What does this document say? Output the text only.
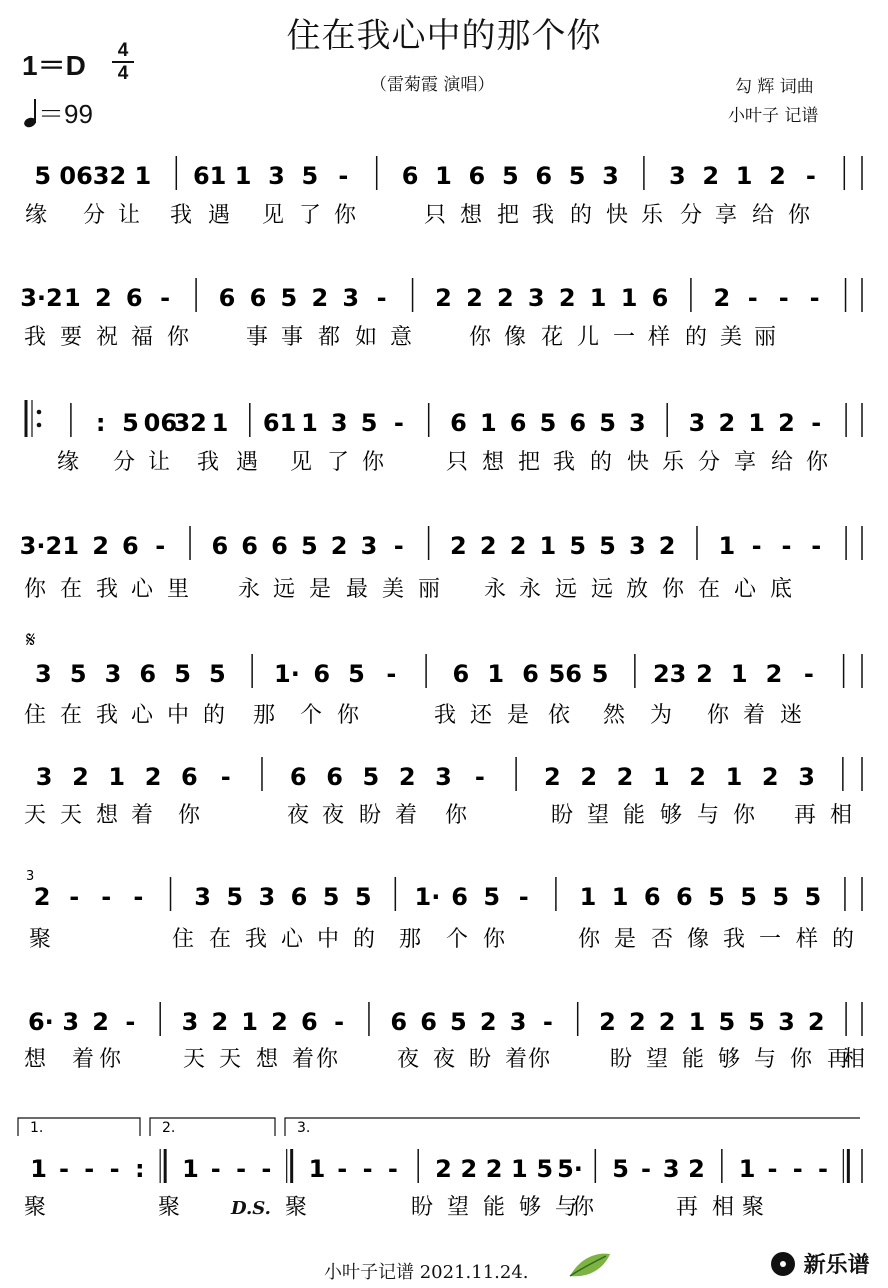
住在我心中的那个你
$1=D \frac{4}{4}$
＝99
（雷菊霞 演唱）	勾 辉 词曲
小叶子 记谱
5 06 32 1 61 1 3 5 - 6 1 6 5 6 5 3 3 2 1 2 -
缘 分 让 我 遇 见 了 你	只 想 把 我 的 快 乐 分 享 给 你
3·2 1 2 6 - 6 6 5 2 3 - 2 2 2 3 2 1 1 6 2 - - -
我 要 祝 福 你	事 事 都 如 意	你 像 花 儿 一 样 的 美 丽
: 5 06
32 1 61 1 3 5 - 6 1 6 5 6 5 3 3 2 1 2 -
缘 分 让 我 遇 见 了 你	只 想 把 我 的 快 乐 分 享 给 你
3·2 1 2 6 - 6 6 6 5 2 3 - 2 2 2 1 5 5 3 2 1 - - -
你 在 我 心 里 永 远 是 最 美 丽 永 永 远 远 放 你 在 心 底
3 5 3 6 5 5 1· 6 5 - 6 1 6 56 5 23 2 1 2 -
住 在 我 心 中 的 那 个 你	我 还 是 依 然 为 你 着 迷
3 2 1 2 6 - 6 6 5 2 3 - 2 2 2 1 2 1 2 3
天 天 想 着 你	夜 夜 盼 着 你	盼 望 能 够 与 你 再 相
2 - - - 3 5 3 6 5 5 1· 6 5 - 1 1 6 6 5 5 5 5
聚	住 在 我 心 中 的 那 个 你	你 是 否 像 我 一 样 的
6· 3 2 - 3 2 1 2 6 - 6 6 5 2 3 - 2 2 2 1 5 5 3 2
想 着 你	天 天 想 着 你	夜 夜 盼 着 你	盼 望 能 够 与 你 再
相
1 - - - : 1 - - - 1 - - - 2 2 2 1 5 5· 5 - 3 2 1 - - -
聚	聚	聚	盼 望 能 够 与
你	再 相 聚
𝄋
3
1.	2.	3.
D.S.
小叶子记谱 2021.11.24.	新乐谱
